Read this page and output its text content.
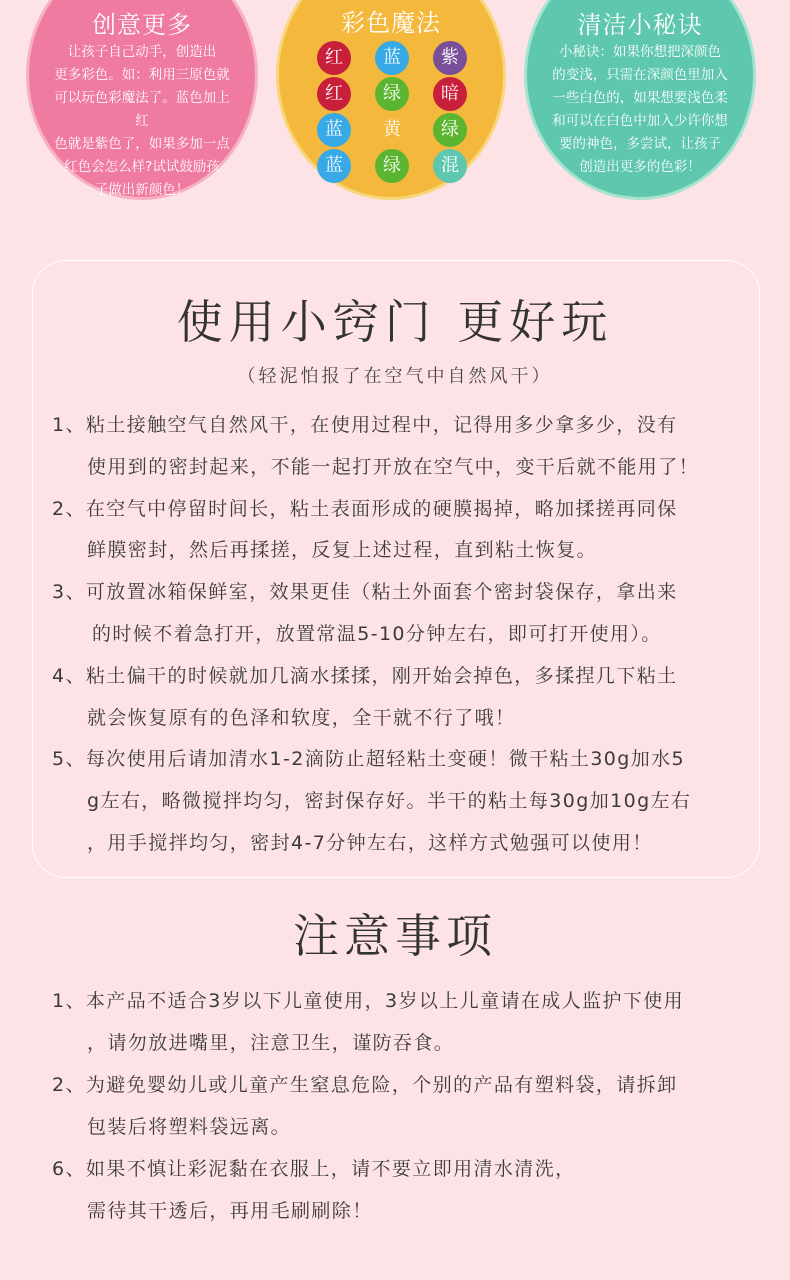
创意更多
让孩子自己动手，创造出
更多彩色。如：利用三原色就
可以玩色彩魔法了。蓝色加上红
色就是紫色了，如果多加一点
红色会怎么样?试试鼓励孩
子做出新颜色！
彩色魔法
红	蓝	紫
红	绿	暗
蓝	黄	绿
蓝	绿	混
清洁小秘诀
小秘诀：如果你想把深颜色
的变浅，只需在深颜色里加入
一些白色的，如果想要浅色柔
和可以在白色中加入少许你想
要的神色，多尝试，让孩子
创造出更多的色彩！
使用小窍门 更好玩
（轻泥怕报了在空气中自然风干）
1、粘土接触空气自然风干，在使用过程中，记得用多少拿多少，没有
使用到的密封起来，不能一起打开放在空气中，变干后就不能用了！
2、在空气中停留时间长，粘土表面形成的硬膜揭掉，略加揉搓再同保
鲜膜密封，然后再揉搓，反复上述过程，直到粘土恢复。
3、可放置冰箱保鲜室，效果更佳（粘土外面套个密封袋保存，拿出来
的时候不着急打开，放置常温5-10分钟左右，即可打开使用）。
4、粘土偏干的时候就加几滴水揉揉，刚开始会掉色，多揉捏几下粘土
就会恢复原有的色泽和软度，全干就不行了哦！
5、每次使用后请加清水1-2滴防止超轻粘土变硬！微干粘土30g加水5
g左右，略微搅拌均匀，密封保存好。半干的粘土每30g加10g左右
，用手搅拌均匀，密封4-7分钟左右，这样方式勉强可以使用！
注意事项
1、本产品不适合3岁以下儿童使用，3岁以上儿童请在成人监护下使用
，请勿放进嘴里，注意卫生，谨防吞食。
2、为避免婴幼儿或儿童产生窒息危险，个别的产品有塑料袋，请拆卸
包装后将塑料袋远离。
6、如果不慎让彩泥黏在衣服上，请不要立即用清水清洗，
需待其干透后，再用毛刷刷除！
